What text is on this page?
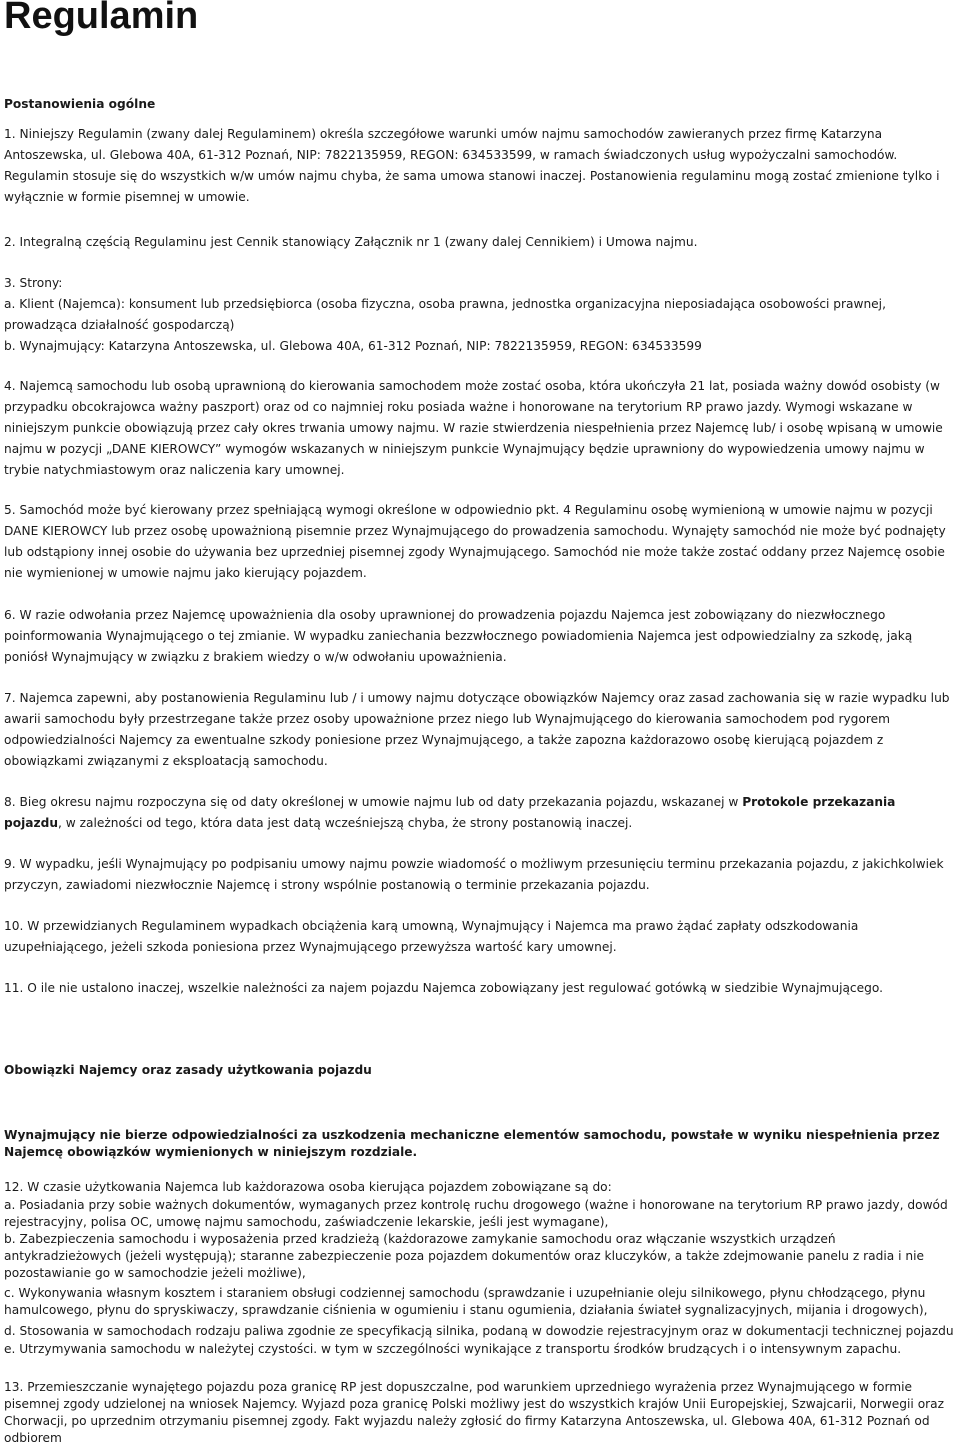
Regulamin

Postanowienia ogólne

1. Niniejszy Regulamin (zwany dalej Regulaminem) określa szczegółowe warunki umów najmu samochodów zawieranych przez firmę Katarzyna Antoszewska, ul. Glebowa 40A, 61-312 Poznań, NIP: 7822135959, REGON: 634533599, w ramach świadczonych usług wypożyczalni samochodów. Regulamin stosuje się do wszystkich w/w umów najmu chyba, że sama umowa stanowi inaczej. Postanowienia regulaminu mogą zostać zmienione tylko i wyłącznie w formie pisemnej w umowie.

2. Integralną częścią Regulaminu jest Cennik stanowiący Załącznik nr 1 (zwany dalej Cennikiem) i Umowa najmu.

3. Strony:

a. Klient (Najemca): konsument lub przedsiębiorca (osoba fizyczna, osoba prawna, jednostka organizacyjna nieposiadająca osobowości prawnej, prowadząca działalność gospodarczą)

b. Wynajmujący: Katarzyna Antoszewska, ul. Glebowa 40A, 61-312 Poznań, NIP: 7822135959, REGON: 634533599

4. Najemcą samochodu lub osobą uprawnioną do kierowania samochodem może zostać osoba, która ukończyła 21 lat, posiada ważny dowód osobisty (w przypadku obcokrajowca ważny paszport) oraz od co najmniej roku posiada ważne i honorowane na terytorium RP prawo jazdy. Wymogi wskazane w niniejszym punkcie obowiązują przez cały okres trwania umowy najmu. W razie stwierdzenia niespełnienia przez Najemcę lub/ i osobę wpisaną w umowie najmu w pozycji „DANE KIEROWCY” wymogów wskazanych w niniejszym punkcie Wynajmujący będzie uprawniony do wypowiedzenia umowy najmu w trybie natychmiastowym oraz naliczenia kary umownej.

5. Samochód może być kierowany przez spełniającą wymogi określone w odpowiednio pkt. 4 Regulaminu osobę wymienioną w umowie najmu w pozycji DANE KIEROWCY lub przez osobę upoważnioną pisemnie przez Wynajmującego do prowadzenia samochodu. Wynajęty samochód nie może być podnajęty lub odstąpiony innej osobie do używania bez uprzedniej pisemnej zgody Wynajmującego. Samochód nie może także zostać oddany przez Najemcę osobie nie wymienionej w umowie najmu jako kierujący pojazdem.

6. W razie odwołania przez Najemcę upoważnienia dla osoby uprawnionej do prowadzenia pojazdu Najemca jest zobowiązany do niezwłocznego poinformowania Wynajmującego o tej zmianie. W wypadku zaniechania bezzwłocznego powiadomienia Najemca jest odpowiedzialny za szkodę, jaką poniósł Wynajmujący w związku z brakiem wiedzy o w/w odwołaniu upoważnienia.

7. Najemca zapewni, aby postanowienia Regulaminu lub / i umowy najmu dotyczące obowiązków Najemcy oraz zasad zachowania się w razie wypadku lub awarii samochodu były przestrzegane także przez osoby upoważnione przez niego lub Wynajmującego do kierowania samochodem pod rygorem odpowiedzialności Najemcy za ewentualne szkody poniesione przez Wynajmującego, a także zapozna każdorazowo osobę kierującą pojazdem z obowiązkami związanymi z eksploatacją samochodu.

8. Bieg okresu najmu rozpoczyna się od daty określonej w umowie najmu lub od daty przekazania pojazdu, wskazanej w Protokole przekazania pojazdu, w zależności od tego, która data jest datą wcześniejszą chyba, że strony postanowią inaczej.

9. W wypadku, jeśli Wynajmujący po podpisaniu umowy najmu powzie wiadomość o możliwym przesunięciu terminu przekazania pojazdu, z jakichkolwiek przyczyn, zawiadomi niezwłocznie Najemcę i strony wspólnie postanowią o terminie przekazania pojazdu.

10. W przewidzianych Regulaminem wypadkach obciążenia karą umowną, Wynajmujący i Najemca ma prawo żądać zapłaty odszkodowania uzupełniającego, jeżeli szkoda poniesiona przez Wynajmującego przewyższa wartość kary umownej.

11. O ile nie ustalono inaczej, wszelkie należności za najem pojazdu Najemca zobowiązany jest regulować gotówką w siedzibie Wynajmującego.

Obowiązki Najemcy oraz zasady użytkowania pojazdu

Wynajmujący nie bierze odpowiedzialności za uszkodzenia mechaniczne elementów samochodu, powstałe w wyniku niespełnienia przez Najemcę obowiązków wymienionych w niniejszym rozdziale.

12. W czasie użytkowania Najemca lub każdorazowa osoba kierująca pojazdem zobowiązane są do:

a. Posiadania przy sobie ważnych dokumentów, wymaganych przez kontrolę ruchu drogowego (ważne i honorowane na terytorium RP prawo jazdy, dowód rejestracyjny, polisa OC, umowę najmu samochodu, zaświadczenie lekarskie, jeśli jest wymagane),

b. Zabezpieczenia samochodu i wyposażenia przed kradzieżą (każdorazowe zamykanie samochodu oraz włączanie wszystkich urządzeń antykradzieżowych (jeżeli występują); staranne zabezpieczenie poza pojazdem dokumentów oraz kluczyków, a także zdejmowanie panelu z radia i nie pozostawianie go w samochodzie jeżeli możliwe),

c. Wykonywania własnym kosztem i staraniem obsługi codziennej samochodu (sprawdzanie i uzupełnianie oleju silnikowego, płynu chłodzącego, płynu hamulcowego, płynu do spryskiwaczy, sprawdzanie ciśnienia w ogumieniu i stanu ogumienia, działania świateł sygnalizacyjnych, mijania i drogowych),

d. Stosowania w samochodach rodzaju paliwa zgodnie ze specyfikacją silnika, podaną w dowodzie rejestracyjnym oraz w dokumentacji technicznej pojazdu

e. Utrzymywania samochodu w należytej czystości. w tym w szczególności wynikające z transportu środków brudzących i o intensywnym zapachu.

13. Przemieszczanie wynajętego pojazdu poza granicę RP jest dopuszczalne, pod warunkiem uprzedniego wyrażenia przez Wynajmującego w formie pisemnej zgody udzielonej na wniosek Najemcy. Wyjazd poza granicę Polski możliwy jest do wszystkich krajów Unii Europejskiej, Szwajcarii, Norwegii oraz Chorwacji, po uprzednim otrzymaniu pisemnej zgody. Fakt wyjazdu należy zgłosić do firmy Katarzyna Antoszewska, ul. Glebowa 40A, 61-312 Poznań od odbiorem
